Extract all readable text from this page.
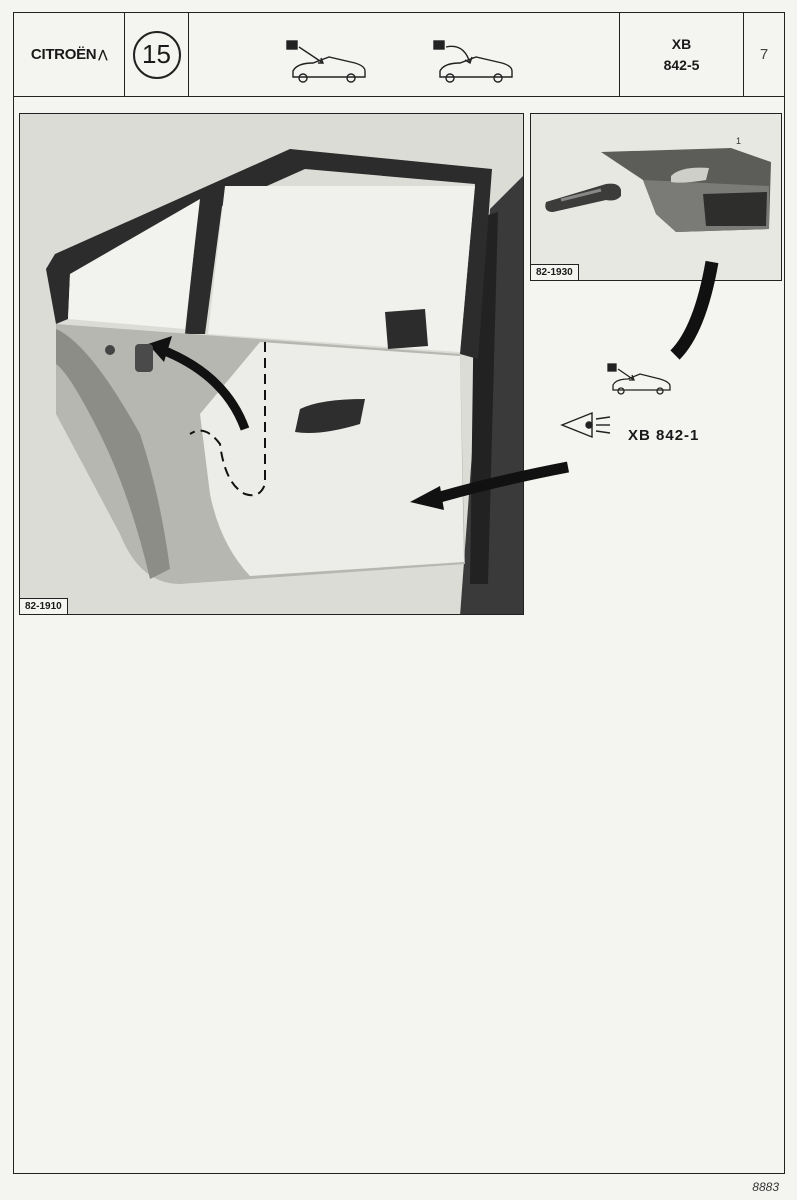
CITROËN ⋀	15	XB
842-5
7
82-1910
1
82-1930
XB 842-1
8883
